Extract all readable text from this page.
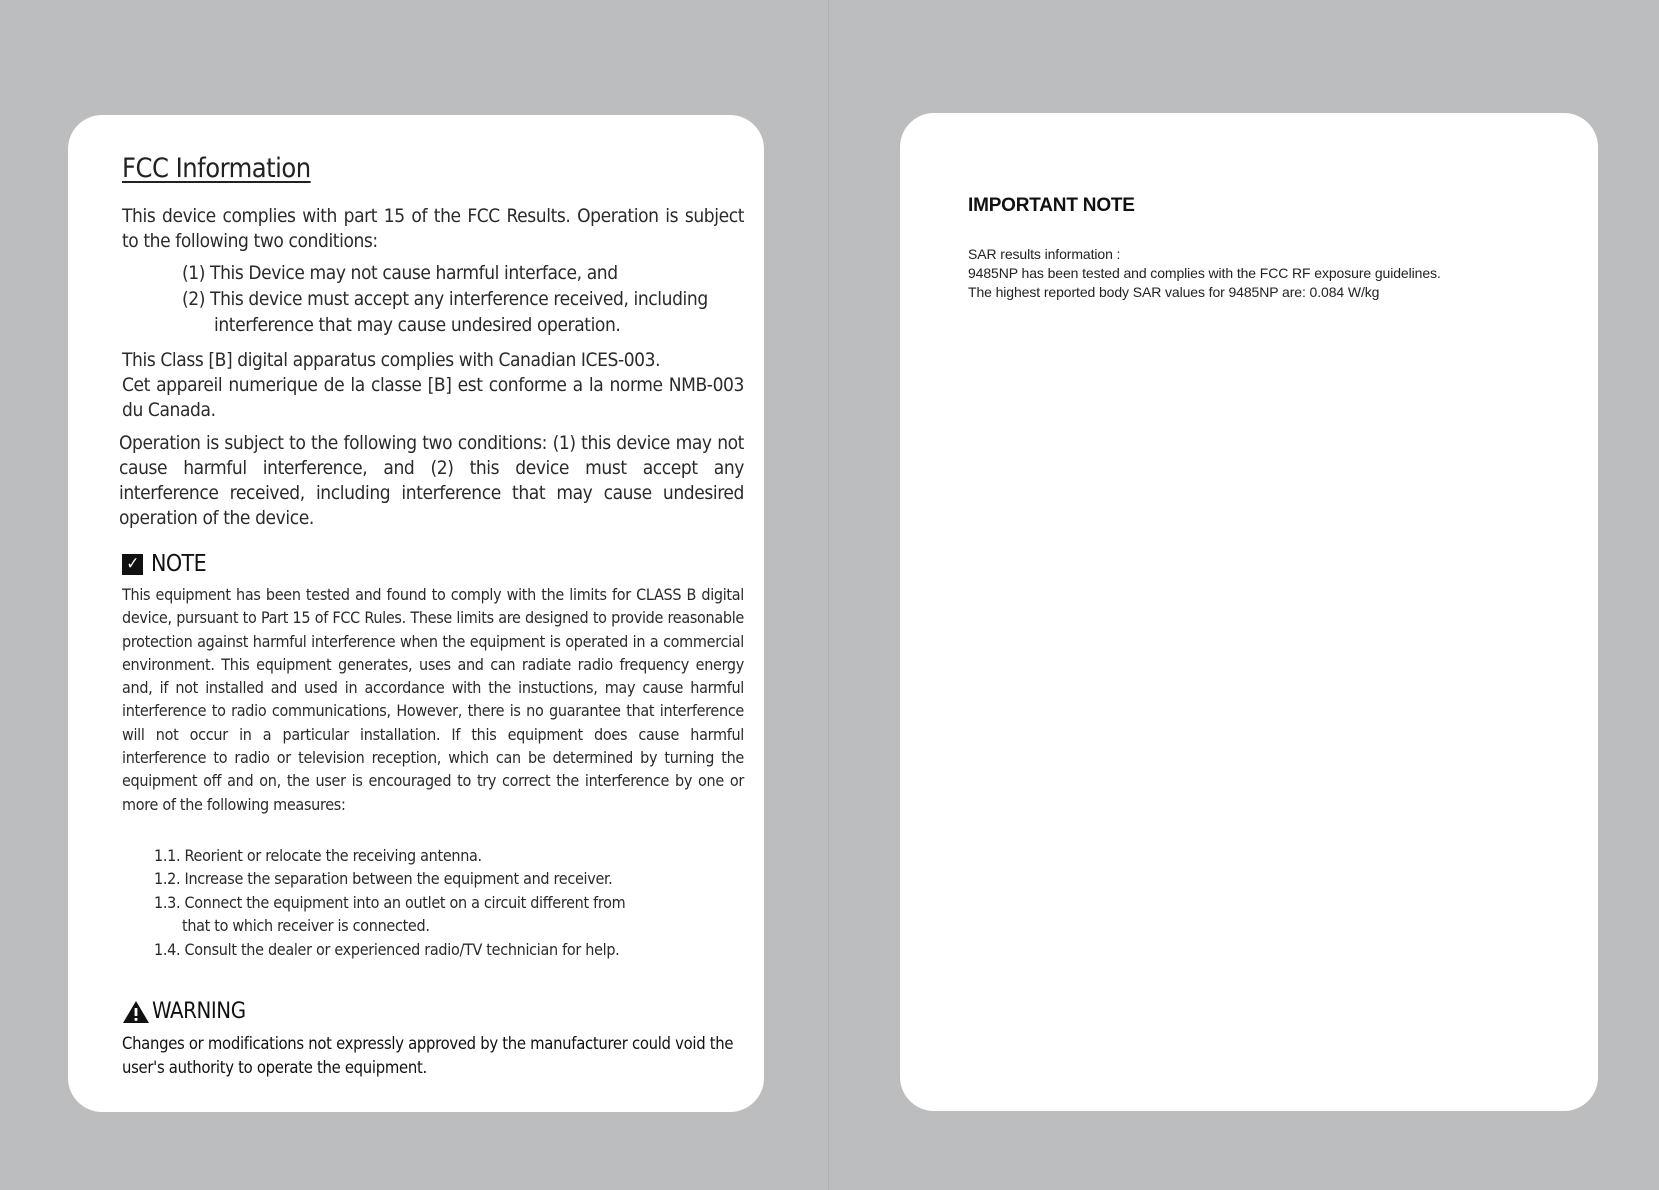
FCC Information

This device complies with part 15 of the FCC Results. Operation is subject to the following two conditions:

(1) This Device may not cause harmful interface, and
(2) This device must accept any interference received, including
interference that may cause undesired operation.

This Class [B] digital apparatus complies with Canadian ICES-003.

Cet appareil numerique de la classe [B] est conforme a la norme NMB-003 du Canada.

Operation is subject to the following two conditions: (1) this device may not cause harmful interference, and (2) this device must accept any interference received, including interference that may cause undesired operation of the device.

✓ NOTE

This equipment has been tested and found to comply with the limits for CLASS B digital device, pursuant to Part 15 of FCC Rules. These limits are designed to provide reasonable protection against harmful interference when the equipment is operated in a commercial environment. This equipment generates, uses and can radiate radio frequency energy and, if not installed and used in accordance with the instuctions, may cause harmful interference to radio communications, However, there is no guarantee that interference will not occur in a particular installation. If this equipment does cause harmful interference to radio or television reception, which can be determined by turning the equipment off and on, the user is encouraged to try correct the interference by one or more of the following measures:

1.1. Reorient or relocate the receiving antenna.
1.2. Increase the separation between the equipment and receiver.
1.3. Connect the equipment into an outlet on a circuit different from
that to which receiver is connected.
1.4. Consult the dealer or experienced radio/TV technician for help.
WARNING

Changes or modifications not expressly approved by the manufacturer could void the user's authority to operate the equipment.

IMPORTANT NOTE
SAR results information :
9485NP has been tested and complies with the FCC RF exposure guidelines.
The highest reported body SAR values for 9485NP are: 0.084 W/kg
